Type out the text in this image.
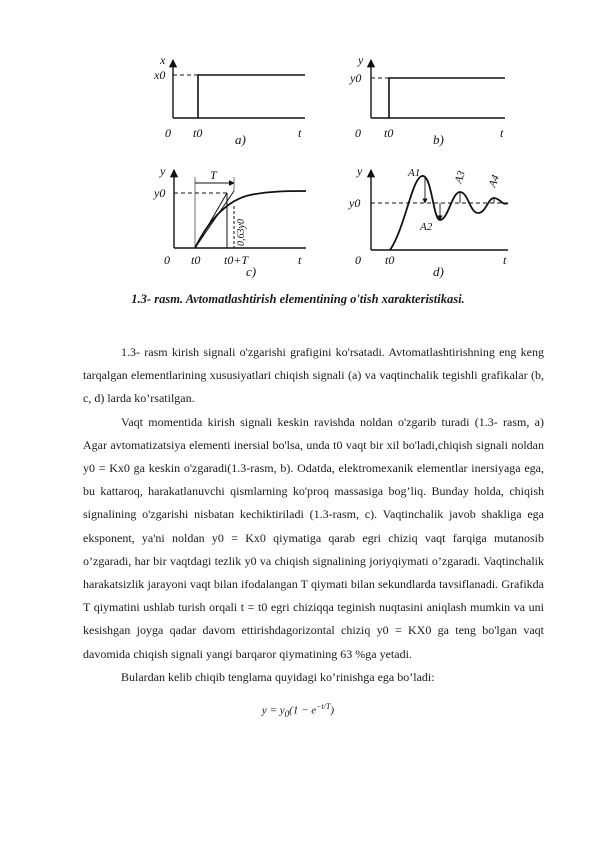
x
x0
0 t0	t
a)
y
y0
0 t0	t
b)
T
0,63y0
y
y0
0 t0 t0+T	t
c)
A1
A2
A3 A4
y
y0
0 t0	t
d)
1.3- rasm. Avtomatlashtirish elementining o'tish xarakteristikasi.

1.3- rasm kirish signali o'zgarishi grafigini ko'rsatadi. Avtomatlashtirishning eng keng tarqalgan elementlarining xususiyatlari chiqish signali (a) va vaqtinchalik tegishli grafikalar (b, c, d) larda ko’rsatilgan.

Vaqt momentida kirish signali keskin ravishda noldan o'zgarib turadi (1.3- rasm, a) Agar avtomatizatsiya elementi inersial bo'lsa, unda t0 vaqt bir xil bo'ladi,chiqish signali noldan y0 = Kx0 ga keskin o'zgaradi(1.3-rasm, b). Odatda, elektromexanik elementlar inersiyaga ega, bu kattaroq, harakatlanuvchi qismlarning ko'proq massasiga bog’liq. Bunday holda, chiqish signalining o'zgarishi nisbatan kechiktiriladi (1.3-rasm, c). Vaqtinchalik javob shakliga ega eksponent, ya'ni noldan y0 = Kx0 qiymatiga qarab egri chiziq vaqt farqiga mutanosib o’zgaradi, har bir vaqtdagi tezlik y0 va chiqish signalining joriyqiymati o’zgaradi. Vaqtinchalik harakatsizlik jarayoni vaqt bilan ifodalangan T qiymati bilan sekundlarda tavsiflanadi. Grafikda T qiymatini ushlab turish orqali t = t0 egri chiziqqa teginish nuqtasini aniqlash mumkin va uni kesishgan joyga qadar davom ettirishdagorizontal chiziq y0 = KX0 ga teng bo'lgan vaqt davomida chiqish signali yangi barqaror qiymatining 63 %ga yetadi.

Bulardan kelib chiqib tenglama quyidagi ko’rinishga ega bo’ladi:

$y = y_0(1 - e^{-t/T})$
